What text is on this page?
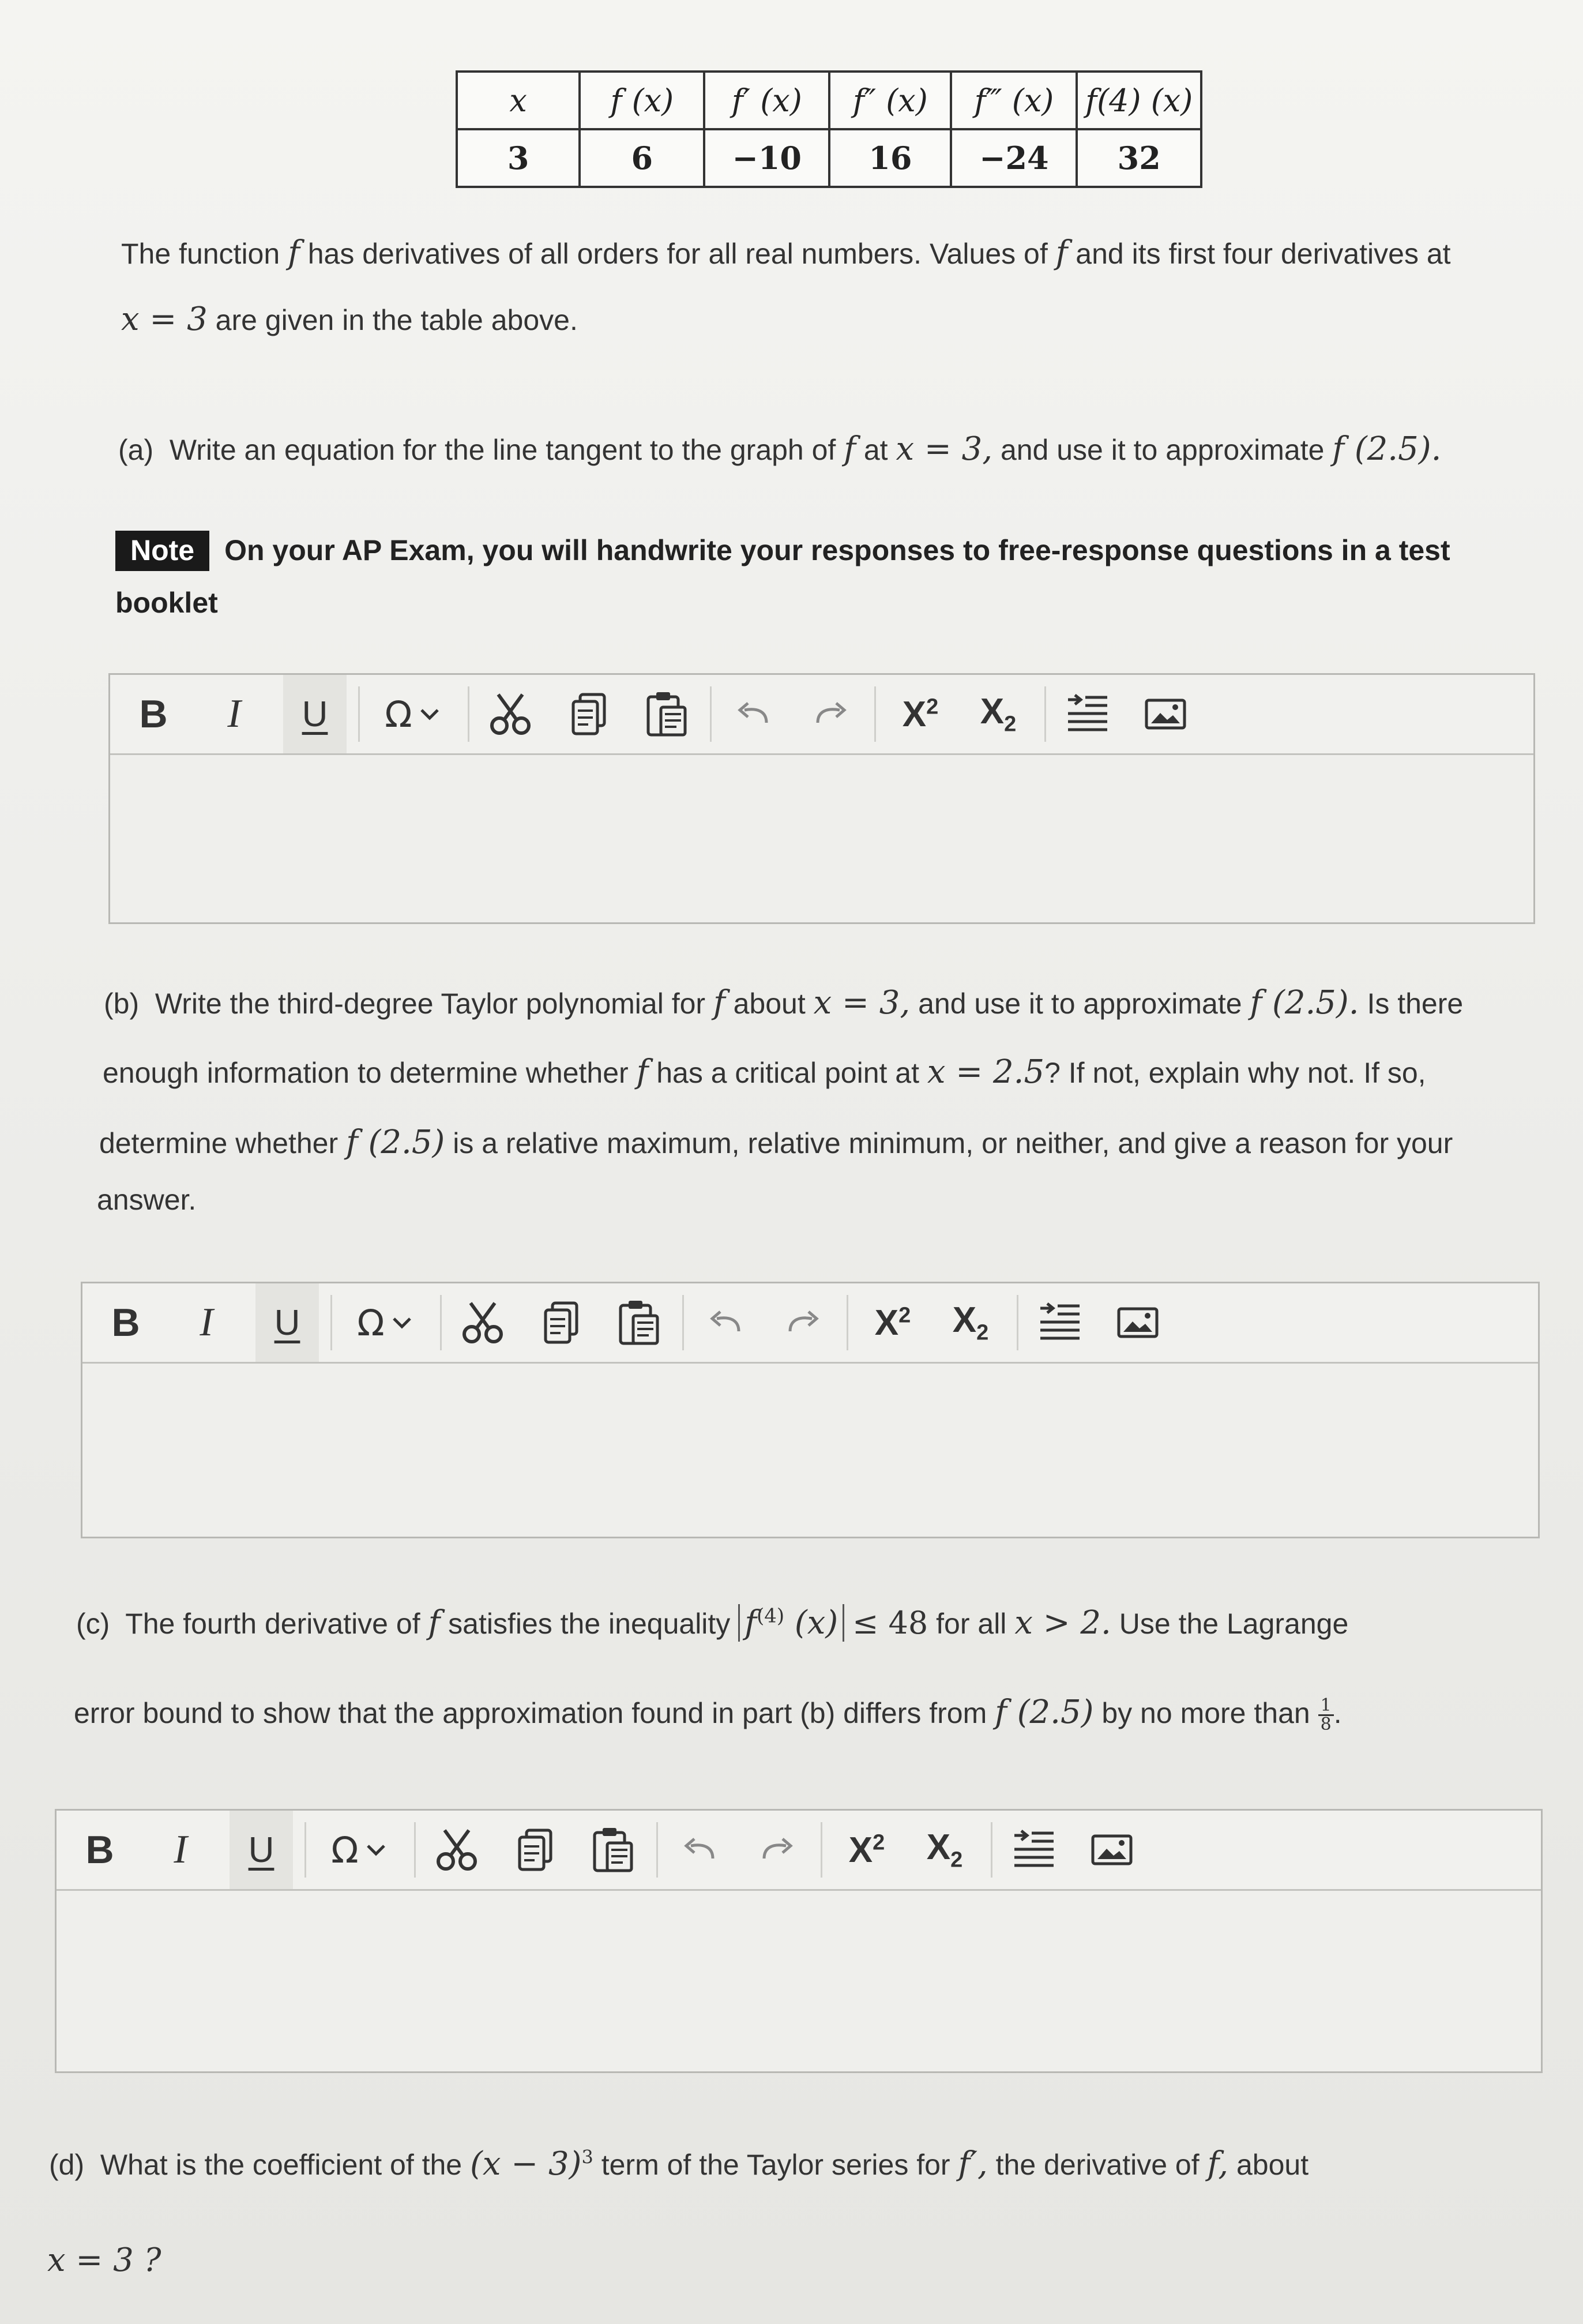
x	f (x)	f′ (x)	f″ (x)	f‴ (x)	f(4) (x)
3	6	−10	16	−24	32
The function f has derivatives of all orders for all real numbers. Values of f and its first four derivatives at
x = 3 are given in the table above.
(a) Write an equation for the line tangent to the graph of f at x = 3, and use it to approximate f (2.5).
Note On your AP Exam, you will handwrite your responses to free-response questions in a test
booklet
B I U Ω	$X^2$ $X_2$
B I U Ω	$X^2$ $X_2$
B I U Ω	$X^2$ $X_2$
(b) Write the third-degree Taylor polynomial for f about x = 3, and use it to approximate f (2.5). Is there
enough information to determine whether f has a critical point at x = 2.5? If not, explain why not. If so,
determine whether f (2.5) is a relative maximum, relative minimum, or neither, and give a reason for your
answer.
(c) The fourth derivative of f satisfies the inequality $f^{(4)}$ (x) ≤ 48 for all x > 2. Use the Lagrange
error bound to show that the approximation found in part (b) differs from f (2.5) by no more than $\frac{1}{8}$ .
(d) What is the coefficient of the $(x - 3)^3$ term of the Taylor series for f′, the derivative of f, about
x = 3 ?
